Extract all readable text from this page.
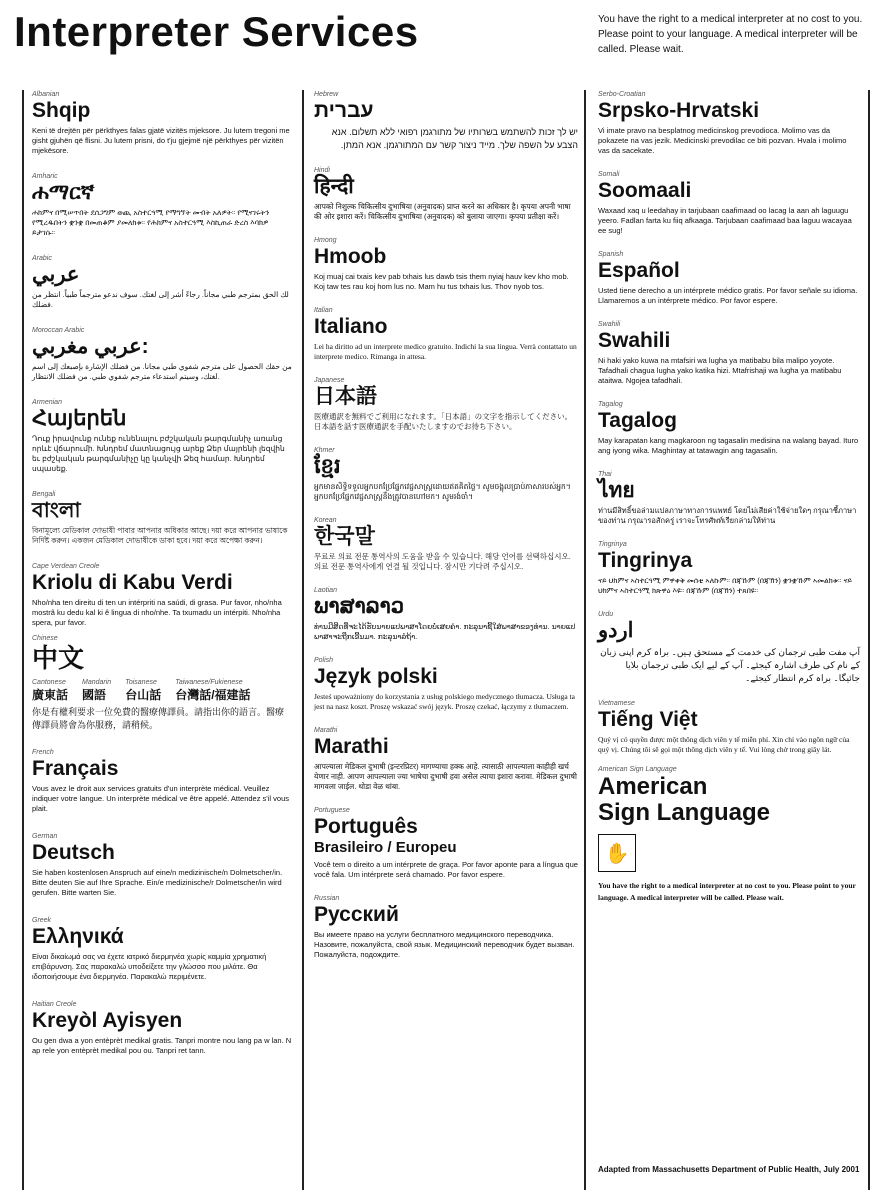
Interpreter Services	You have the right to a medical interpreter at no cost to you. Please point to your language. A medical interpreter will be called. Please wait.
Albanian
Shqip
Keni të drejtën për përkthyes falas gjatë vizitës mjeksore. Ju lutem tregoni me gisht gjuhën që flisni. Ju lutem prisni, do t'ju gjejmë një përkthyes për vizitën mjekësore.
Amharic
ሐማርኛ
ሐክምና በሚሠጥበት ደሰጋግም ወጪ አስተርጓሚ የማግኘት መብት አለዎት። የሚናገሩትን የሚረዱበትን ቋንቋ በመጠቆም ያመለክቱ። የሕክምና አስተርጓሚ እስኪጠራ ድረስ እባክዎ ይታገሱ።
Arabic
عربي
لك الحق بمترجم طبي مجاناً. رجاءً أشر إلى لغتك. سوف ندعو مترجماً طبياً. انتظر من فضلك.
Moroccan Arabic
عربي مغربي:
من حقك الحصول على مترجم شفوي طبي مجانا. من فضلك الإشارة بإصبعك إلى اسم لغتك، وسيتم استدعاء مترجم شفوي طبي. من فضلك الانتظار.
Armenian
Հայերեն
Դուք իրավունք ունեք ունենալու բժշկական թարգմանիչ առանց որևէ վճարումի. Խնդրեմ մատնացույց արեք Ձեր մայրենի լեզվին եւ բժշկական թարգմանիչը կը կանչվի Ձեզ համար. Խնդրեմ սպասեք.
Bengali
বাংলা
বিনামূল্যে মেডিকাল দোভাষী পাবার আপনার অধিকার আছে। দয়া করে আপনার ভাষাকে নির্দিষ্ট করুন। একজন মেডিকাল দোভাষীকে ডাকা হবে। দয়া করে অপেক্ষা করুন।
Cape Verdean Creole
Kriolu di Kabu Verdi
Nho/nha ten direitu di ten un intérpriti na saúdi, di grasa. Pur favor, nho/nha mostrâ ku dedu kal ki ê lingua di nho/nhe. Ta txumadu un intérpiti. Nho/nha spera, pur favor.
Chinese
中文
Cantonese
廣東話
Mandarin
國語
Toisanese
台山話
Taiwanese/Fukienese
台灣話/福建話
你是有權利要求一位免費的醫療傳譯員。請指出你的語言。醫療傳譯員將會為你服務，請稍候。
French
Français
Vous avez le droit aux services gratuits d'un interprète médical. Veuillez indiquer votre langue. Un interprète médical ve être appelé. Attendez s'il vous plait.
German
Deutsch
Sie haben kostenlosen Anspruch auf eine/n medizinische/n Dolmetscher/in. Bitte deuten Sie auf Ihre Sprache. Ein/e medizinische/r Dolmetscher/in wird gerufen. Bitte warten Sie.
Greek
Ελληνικά
Είναι δικαίωμά σας να έχετε ιατρικό διερμηνέα χωρίς καμμία χρηματική επιβάρυνση. Σας παρακαλώ υποδείξετε την γλώσσο που μιλάτε. Θα ιδοποιήσουμε ένα διερμηνέα. Παρακαλώ περιμένετε.
Haitian Creole
Kreyòl Ayisyen
Ou gen dwa a yon entèprèt medikal gratis. Tanpri montre nou lang pa w lan. N ap rele yon entèprèt medikal pou ou. Tanpri ret tann.
Hebrew
עברית
יש לך זכות להשתמש בשרותיו של מתורגמן רפואי ללא תשלום. אנא הצבע על השפה שלך. מייד ניצור קשר עם המתורגמן. אנא המתן.
Hindi
हिन्दी
आपको निशुल्क चिकित्सीय दुभाषिया (अनुवादक) प्राप्त करने का अधिकार है। कृपया अपनी भाषा की ओर इशारा करें। चिकित्सीय दुभाषिया (अनुवादक) को बुलाया जाएगा। कृपया प्रतीक्षा करें।
Hmong
Hmoob
Koj muaj cai txais kev pab txhais lus dawb tsis them nyiaj hauv kev kho mob. Koj taw tes rau koj hom lus no. Mam hu tus txhais lus. Thov nyob tos.
Italian
Italiano
Lei ha diritto ad un interprete medico gratuito. Indichi la sua lingua. Verrà contattato un interprete medico. Rimanga in attesa.
Japanese
日本語
医療通訳を無料でご利用になれます。「日本語」の文字を指示してください。日本語を話す医療通訳を手配いたしますのでお待ち下さい。
Khmer
ខ្មែរ
អ្នកមានសិទ្ធិទទួលអ្នកបកប្រែផ្នែកវេជ្ជសាស្ត្រដោយឥតគិតថ្លៃ។ សូមចង្អុលប្រាប់ភាសារបស់អ្នក។ អ្នកបកប្រែផ្នែកវេជ្ជសាស្ត្រនឹងត្រូវបានហៅមក។ សូមរង់ចាំ។
Korean
한국말
무료로 의료 전문 통역사의 도움을 받을 수 있습니다. 해당 언어를 선택하십시오. 의료 전문 통역사에게 연결 될 것입니다. 잠시만 기다려 주십시오.
Laotian
ພາສາລາວ
ທ່ານມີສິດທີ່ຈະໄດ້ຮັບນາຍແປພາສາໂດຍບໍ່ເສຍຄ່າ. ກະລຸນາຊີ້ໃສ່ພາສາຂອງທ່ານ. ນາຍແປພາສາຈະຖືກເອີ້ນມາ. ກະລຸນາລໍຖ້າ.
Polish
Język polski
Jesteś upoważniony do korzystania z usług polskiego medycznego tłumacza. Usługa ta jest na nasz koszt. Proszę wskazać swój język. Proszę czekać, łączymy z tłumaczem.
Marathi
Marathi
आपल्याला मेडिकल दुभाषी (इन्टरप्रिटर) मागण्याचा हक्क आहे. त्यासाठी आपल्याला काहीही खर्च येणार नाही. आपण आपल्याला ज्या भाषेचा दुभाषी हवा असेल त्याचा इशारा करावा. मेडिकल दुभाषी मागवला जाईल. थोडा वेळ थांबा.
Portuguese
Português
Brasileiro / Europeu
Você tem o direito a um intérprete de graça. Por favor aponte para a língua que você fala. Um intérprete será chamado. Por favor espere.
Russian
Русский
Вы имеете право на услуги бесплатного медицинского переводчика. Назовите, пожалуйста, свой язык. Медицинский переводчик будет вызван. Пожалуйста, подождите.
Serbo-Croatian
Srpsko-Hrvatski
Vi imate pravo na besplatnog medicinskog prevodioca. Molimo vas da pokazete na vas jezik. Medicinski prevodilac ce biti pozvan. Hvala i molimo vas da sacekate.
Somali
Soomaali
Waxaad xaq u leedahay in tarjubaan caafimaad oo lacag la aan ah laguugu yeero. Fadlan farta ku fiiq afkaaga. Tarjubaan caafimaad baa laguu wacayaa ee sug!
Spanish
Español
Usted tiene derecho a un intérprete médico gratis. Por favor señale su idioma. Llamaremos a un intérprete médico. Por favor espere.
Swahili
Swahili
Ni haki yako kuwa na mtafsiri wa lugha ya matibabu bila malipo yoyote. Tafadhali chagua lugha yako katika hizi. Mtafrishaji wa lugha ya matibabu ataitwa. Ngojea tafadhali.
Tagalog
Tagalog
May karapatan kang magkaroon ng tagasalin medisina na walang bayad. Ituro ang iyong wika. Maghintay at tatawagin ang tagasalin.
Thai
ไทย
ท่านมีสิทธิ์ขอล่ามแปลภาษาทางการแพทย์ โดยไม่เสียค่าใช้จ่ายใดๆ กรุณาชี้ภาษาของท่าน กรุณารอสักครู่ เราจะโทรศัพท์เรียกล่ามให้ท่าน
Tingrinya
Tingrinya
ናይ ህክምና ኣስተርጓሚ ምዋቀቅ መሰቲ ኣለኩም። በጃኹም (በጃኽን) ቋንቋኹም ኣመልክቱ። ናይ ህክምና ኣስተርጓሚ ክጽዋዕ እዩ። በጃኹም (በጃኽን) ተጸበዩ።
Urdu
اردو
آپ مفت طبی ترجمان کی خدمت کے مستحق ہیں۔ براہ کرم اپنی زبان کے نام کی طرف اشارہ کیجئے۔ آپ کے لیے ایک طبی ترجمان بلایا جائیگا۔ براہ کرم انتظار کیجئے۔
Vietnamese
Tiếng Việt
Quý vị có quyền được một thông dịch viên y tế miễn phí. Xin chỉ vào ngôn ngữ của quý vị. Chúng tôi sẽ gọi một thông dịch viên y tế. Vui lòng chờ trong giây lát.
American Sign Language
American
Sign Language
✋
You have the right to a medical interpreter at no cost to you. Please point to your language. A medical interpreter will be called. Please wait.
Adapted from Massachusetts Department of Public Health, July 2001
